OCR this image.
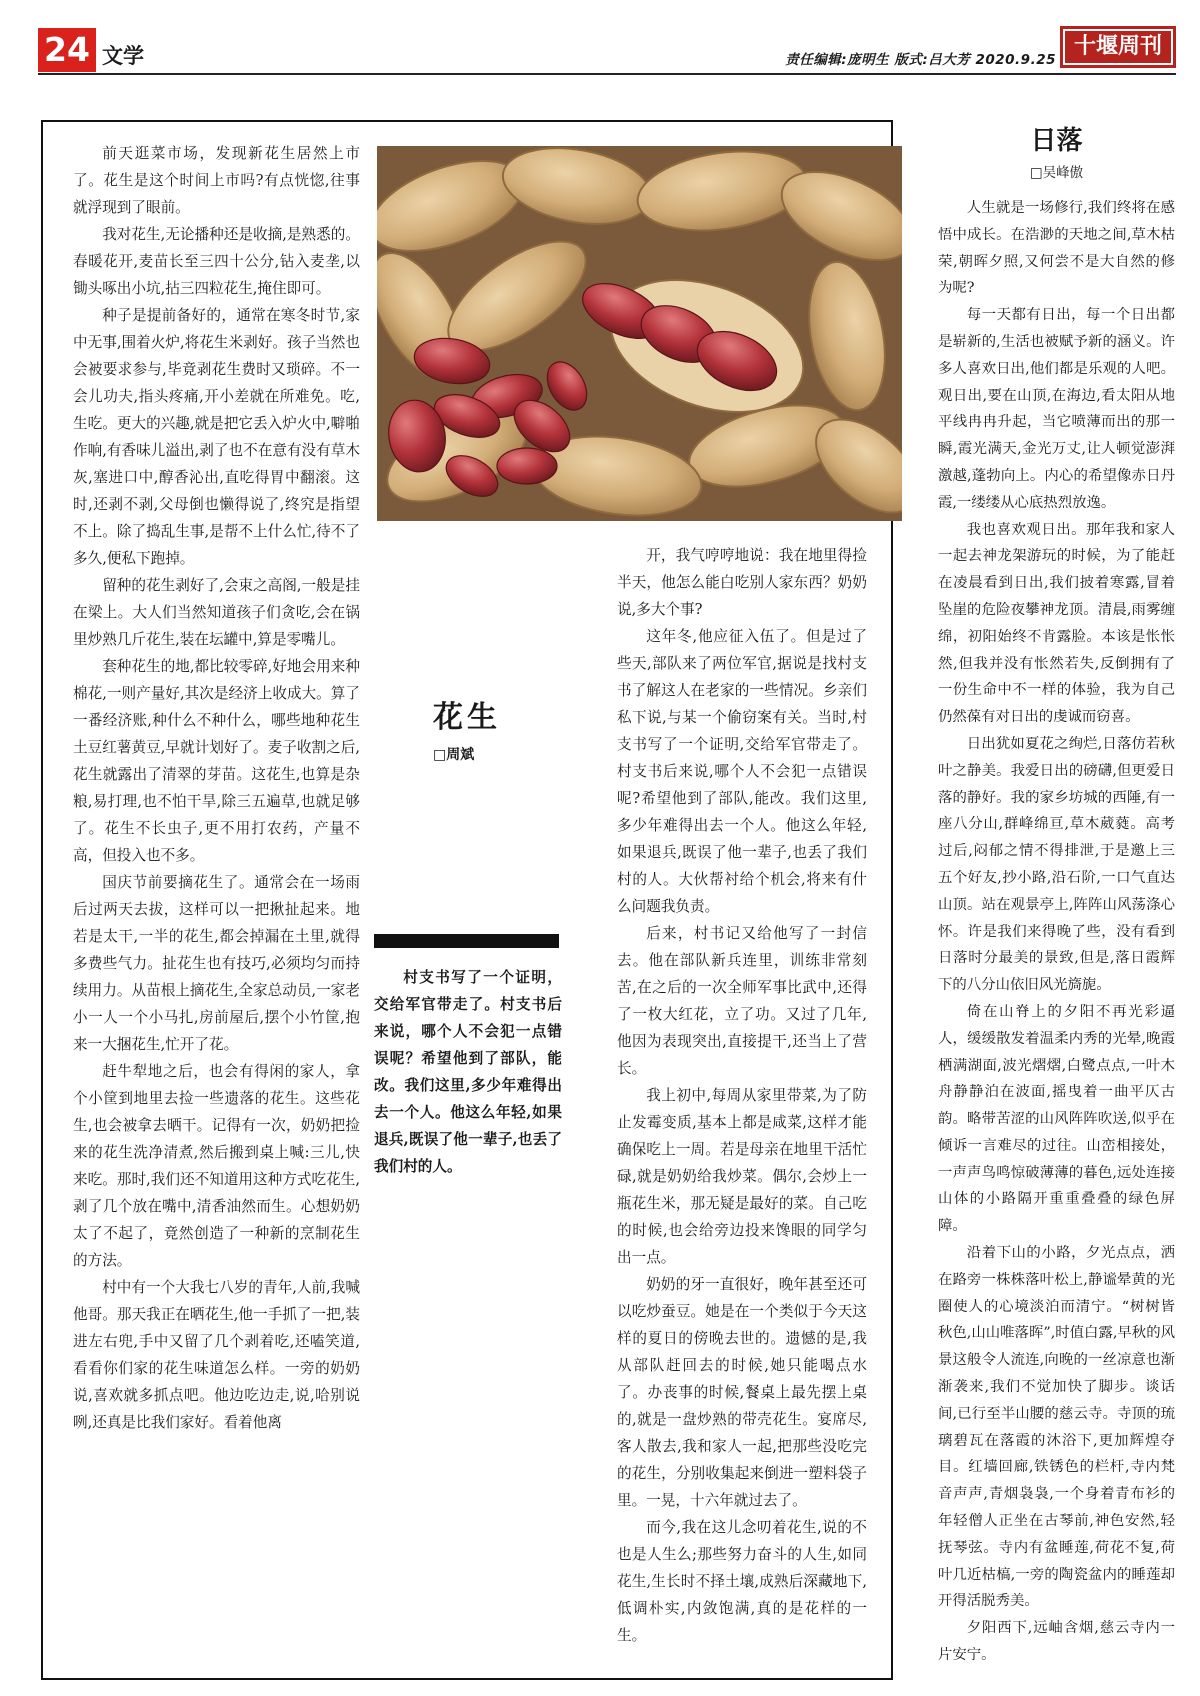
24 文学	责任编辑:庞明生 版式:吕大芳 2020.9.25
十堰周刊

前天逛菜市场，发现新花生居然上市了。花生是这个时间上市吗?有点恍惚,往事就浮现到了眼前。

我对花生,无论播种还是收摘,是熟悉的。春暖花开,麦苗长至三四十公分,钻入麦垄,以锄头啄出小坑,拈三四粒花生,掩住即可。

种子是提前备好的，通常在寒冬时节,家中无事,围着火炉,将花生米剥好。孩子当然也会被要求参与,毕竟剥花生费时又琐碎。不一会儿功夫,指头疼痛,开小差就在所难免。吃,生吃。更大的兴趣,就是把它丢入炉火中,噼啪作响,有香味儿溢出,剥了也不在意有没有草木灰,塞进口中,醇香沁出,直吃得胃中翻滚。这时,还剥不剥,父母倒也懒得说了,终究是指望不上。除了捣乱生事,是帮不上什么忙,待不了多久,便私下跑掉。

留种的花生剥好了,会束之高阁,一般是挂在梁上。大人们当然知道孩子们贪吃,会在锅里炒熟几斤花生,装在坛罐中,算是零嘴儿。

套种花生的地,都比较零碎,好地会用来种棉花,一则产量好,其次是经济上收成大。算了一番经济账,种什么不种什么，哪些地种花生土豆红薯黄豆,早就计划好了。麦子收割之后,花生就露出了清翠的芽苗。这花生,也算是杂粮,易打理,也不怕干旱,除三五遍草,也就足够了。花生不长虫子,更不用打农药，产量不高，但投入也不多。

国庆节前要摘花生了。通常会在一场雨后过两天去拔，这样可以一把揪扯起来。地若是太干,一半的花生,都会掉漏在土里,就得多费些气力。扯花生也有技巧,必须均匀而持续用力。从苗根上摘花生,全家总动员,一家老小一人一个小马扎,房前屋后,摆个小竹筐,抱来一大捆花生,忙开了花。

赶牛犁地之后，也会有得闲的家人，拿个小筐到地里去捡一些遗落的花生。这些花生,也会被拿去晒干。记得有一次，奶奶把捡来的花生洗净清煮,然后搬到桌上喊:三儿,快来吃。那时,我们还不知道用这种方式吃花生,剥了几个放在嘴中,清香油然而生。心想奶奶太了不起了，竟然创造了一种新的烹制花生的方法。

村中有一个大我七八岁的青年,人前,我喊他哥。那天我正在晒花生,他一手抓了一把,装进左右兜,手中又留了几个剥着吃,还嗑笑道,看看你们家的花生味道怎么样。一旁的奶奶说,喜欢就多抓点吧。他边吃边走,说,哈别说咧,还真是比我们家好。看着他离

花生
□周斌

村支书写了一个证明，交给军官带走了。村支书后来说，哪个人不会犯一点错误呢？希望他到了部队，能改。我们这里,多少年难得出去一个人。他这么年轻,如果退兵,既误了他一辈子,也丢了我们村的人。

开，我气哼哼地说：我在地里得捡半天，他怎么能白吃别人家东西？奶奶说,多大个事?

这年冬,他应征入伍了。但是过了些天,部队来了两位军官,据说是找村支书了解这人在老家的一些情况。乡亲们私下说,与某一个偷窃案有关。当时,村支书写了一个证明,交给军官带走了。村支书后来说,哪个人不会犯一点错误呢?希望他到了部队,能改。我们这里,多少年难得出去一个人。他这么年轻,如果退兵,既误了他一辈子,也丢了我们村的人。大伙帮衬给个机会,将来有什么问题我负责。

后来，村书记又给他写了一封信去。他在部队新兵连里，训练非常刻苦,在之后的一次全师军事比武中,还得了一枚大红花，立了功。又过了几年,他因为表现突出,直接提干,还当上了营长。

我上初中,每周从家里带菜,为了防止发霉变质,基本上都是咸菜,这样才能确保吃上一周。若是母亲在地里干活忙碌,就是奶奶给我炒菜。偶尔,会炒上一瓶花生米，那无疑是最好的菜。自己吃的时候,也会给旁边投来馋眼的同学匀出一点。

奶奶的牙一直很好，晚年甚至还可以吃炒蚕豆。她是在一个类似于今天这样的夏日的傍晚去世的。遗憾的是,我从部队赶回去的时候,她只能喝点水了。办丧事的时候,餐桌上最先摆上桌的,就是一盘炒熟的带壳花生。宴席尽,客人散去,我和家人一起,把那些没吃完的花生，分别收集起来倒进一塑料袋子里。一晃，十六年就过去了。

而今,我在这儿念叨着花生,说的不也是人生么;那些努力奋斗的人生,如同花生,生长时不择土壤,成熟后深藏地下,低调朴实,内敛饱满,真的是花样的一生。

日落
□吴峰傲

人生就是一场修行,我们终将在感悟中成长。在浩渺的天地之间,草木枯荣,朝晖夕照,又何尝不是大自然的修为呢?

每一天都有日出，每一个日出都是崭新的,生活也被赋予新的涵义。许多人喜欢日出,他们都是乐观的人吧。观日出,要在山顶,在海边,看太阳从地平线冉冉升起，当它喷薄而出的那一瞬,霞光满天,金光万丈,让人顿觉澎湃激越,蓬勃向上。内心的希望像赤日丹霞,一缕缕从心底热烈放逸。

我也喜欢观日出。那年我和家人一起去神龙架游玩的时候，为了能赶在凌晨看到日出,我们披着寒露,冒着坠崖的危险夜攀神龙顶。清晨,雨雾缠绵，初阳始终不肯露脸。本该是怅怅然,但我并没有怅然若失,反倒拥有了一份生命中不一样的体验，我为自己仍然葆有对日出的虔诚而窃喜。

日出犹如夏花之绚烂,日落仿若秋叶之静美。我爱日出的磅礴,但更爱日落的静好。我的家乡坊城的西陲,有一座八分山,群峰绵亘,草木葳蕤。高考过后,闷郁之情不得排泄,于是邀上三五个好友,抄小路,沿石阶,一口气直达山顶。站在观景亭上,阵阵山风荡涤心怀。许是我们来得晚了些，没有看到日落时分最美的景致,但是,落日霞辉下的八分山依旧风光旖旎。

倚在山脊上的夕阳不再光彩逼人，缓缓散发着温柔内秀的光晕,晚霞栖满湖面,波光熠熠,白鹭点点,一叶木舟静静泊在波面,摇曳着一曲平仄古韵。略带苦涩的山风阵阵吹送,似乎在倾诉一言难尽的过往。山峦相接处，一声声鸟鸣惊破薄薄的暮色,远处连接山体的小路隔开重重叠叠的绿色屏障。

沿着下山的小路，夕光点点，洒在路旁一株株落叶松上,静谧晕黄的光圈使人的心境淡泊而清宁。“树树皆秋色,山山唯落晖”,时值白露,早秋的风景这般令人流连,向晚的一丝凉意也渐渐袭来,我们不觉加快了脚步。谈话间,已行至半山腰的慈云寺。寺顶的琉璃碧瓦在落霞的沐浴下,更加辉煌夺目。红墙回廊,铁锈色的栏杆,寺内梵音声声,青烟袅袅,一个身着青布衫的年轻僧人正坐在古琴前,神色安然,轻抚琴弦。寺内有盆睡莲,荷花不复,荷叶几近枯槁,一旁的陶瓷盆内的睡莲却开得活脱秀美。

夕阳西下,远岫含烟,慈云寺内一片安宁。
